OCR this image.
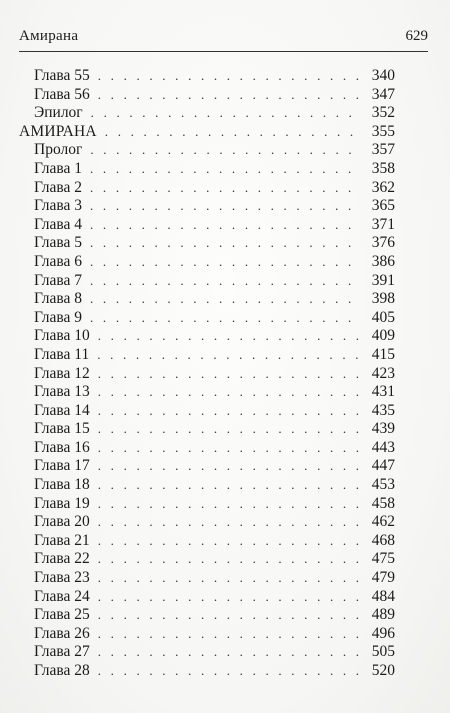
Амирана	629
Глава 55 . . .	340
Глава 56 . . .	347
Эпилог . . .	352
АМИРАНА . . .	355
Пролог . . .	357
Глава 1 . . .	358
Глава 2 . . .	362
Глава 3 . . .	365
Глава 4 . . .	371
Глава 5 . . .	376
Глава 6 . . .	386
Глава 7 . . .	391
Глава 8 . . .	398
Глава 9 . . .	405
Глава 10 . . .	409
Глава 11 . . .	415
Глава 12 . . .	423
Глава 13 . . .	431
Глава 14 . . .	435
Глава 15 . . .	439
Глава 16 . . .	443
Глава 17 . . .	447
Глава 18 . . .	453
Глава 19 . . .	458
Глава 20 . . .	462
Глава 21 . . .	468
Глава 22 . . .	475
Глава 23 . . .	479
Глава 24 . . .	484
Глава 25 . . .	489
Глава 26 . . .	496
Глава 27 . . .	505
Глава 28 . . .	520
